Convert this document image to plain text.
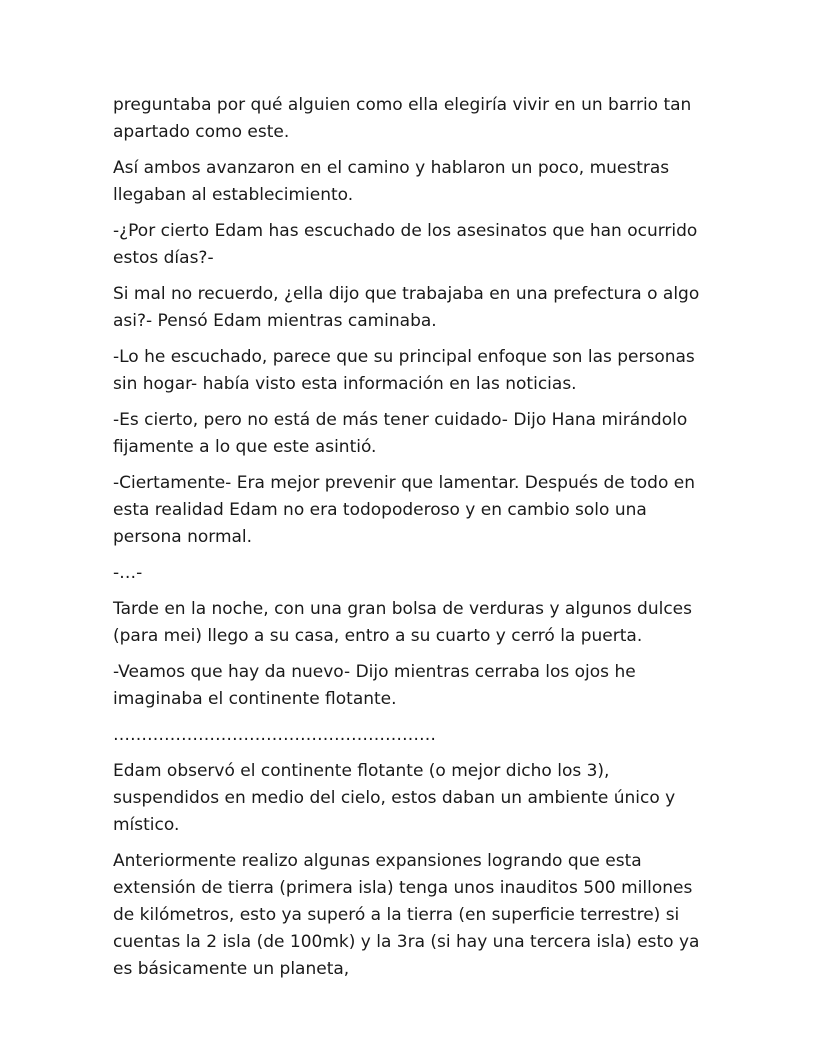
preguntaba por qué alguien como ella elegiría vivir en un barrio tan apartado como este.

Así ambos avanzaron en el camino y hablaron un poco, muestras llegaban al establecimiento.

-¿Por cierto Edam has escuchado de los asesinatos que han ocurrido estos días?-

Si mal no recuerdo, ¿ella dijo que trabajaba en una prefectura o algo asi?- Pensó Edam mientras caminaba.

-Lo he escuchado, parece que su principal enfoque son las personas sin hogar- había visto esta información en las noticias.

-Es cierto, pero no está de más tener cuidado- Dijo Hana mirándolo fijamente a lo que este asintió.

-Ciertamente- Era mejor prevenir que lamentar. Después de todo en esta realidad Edam no era todopoderoso y en cambio solo una persona normal.

-…-

Tarde en la noche, con una gran bolsa de verduras y algunos dulces (para mei) llego a su casa, entro a su cuarto y cerró la puerta.

-Veamos que hay da nuevo- Dijo mientras cerraba los ojos he imaginaba el continente flotante.

…………………………………………………

Edam observó el continente flotante (o mejor dicho los 3), suspendidos en medio del cielo, estos daban un ambiente único y místico.

Anteriormente realizo algunas expansiones logrando que esta extensión de tierra (primera isla) tenga unos inauditos 500 millones de kilómetros, esto ya superó a la tierra (en superficie terrestre) si cuentas la 2 isla (de 100mk) y la 3ra (si hay una tercera isla) esto ya es básicamente un planeta,
